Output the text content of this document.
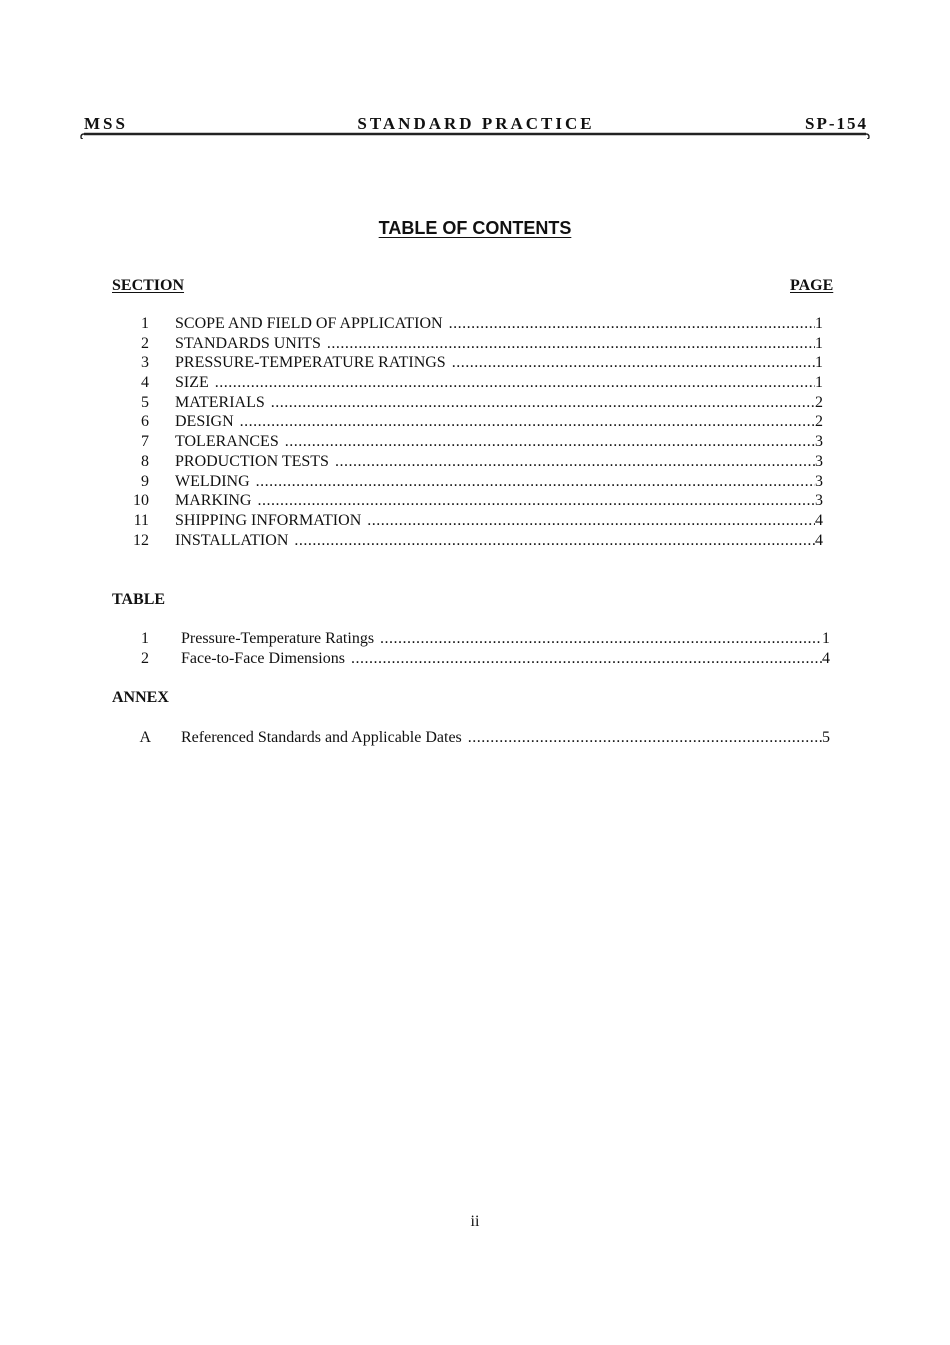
MSS	STANDARD PRACTICE	SP-154
TABLE OF CONTENTS
SECTION	PAGE
1 SCOPE AND FIELD OF APPLICATION .....	1
2 STANDARDS UNITS .....	1
3 PRESSURE-TEMPERATURE RATINGS .....	1
4 SIZE .....	1
5 MATERIALS .....	2
6 DESIGN .....	2
7 TOLERANCES .....	3
8 PRODUCTION TESTS .....	3
9 WELDING .....	3
10 MARKING .....	3
11 SHIPPING INFORMATION .....	4
12 INSTALLATION .....	4
TABLE
1 Pressure-Temperature Ratings .....	1
2 Face-to-Face Dimensions .....	4
ANNEX
A Referenced Standards and Applicable Dates .....	5
ii
